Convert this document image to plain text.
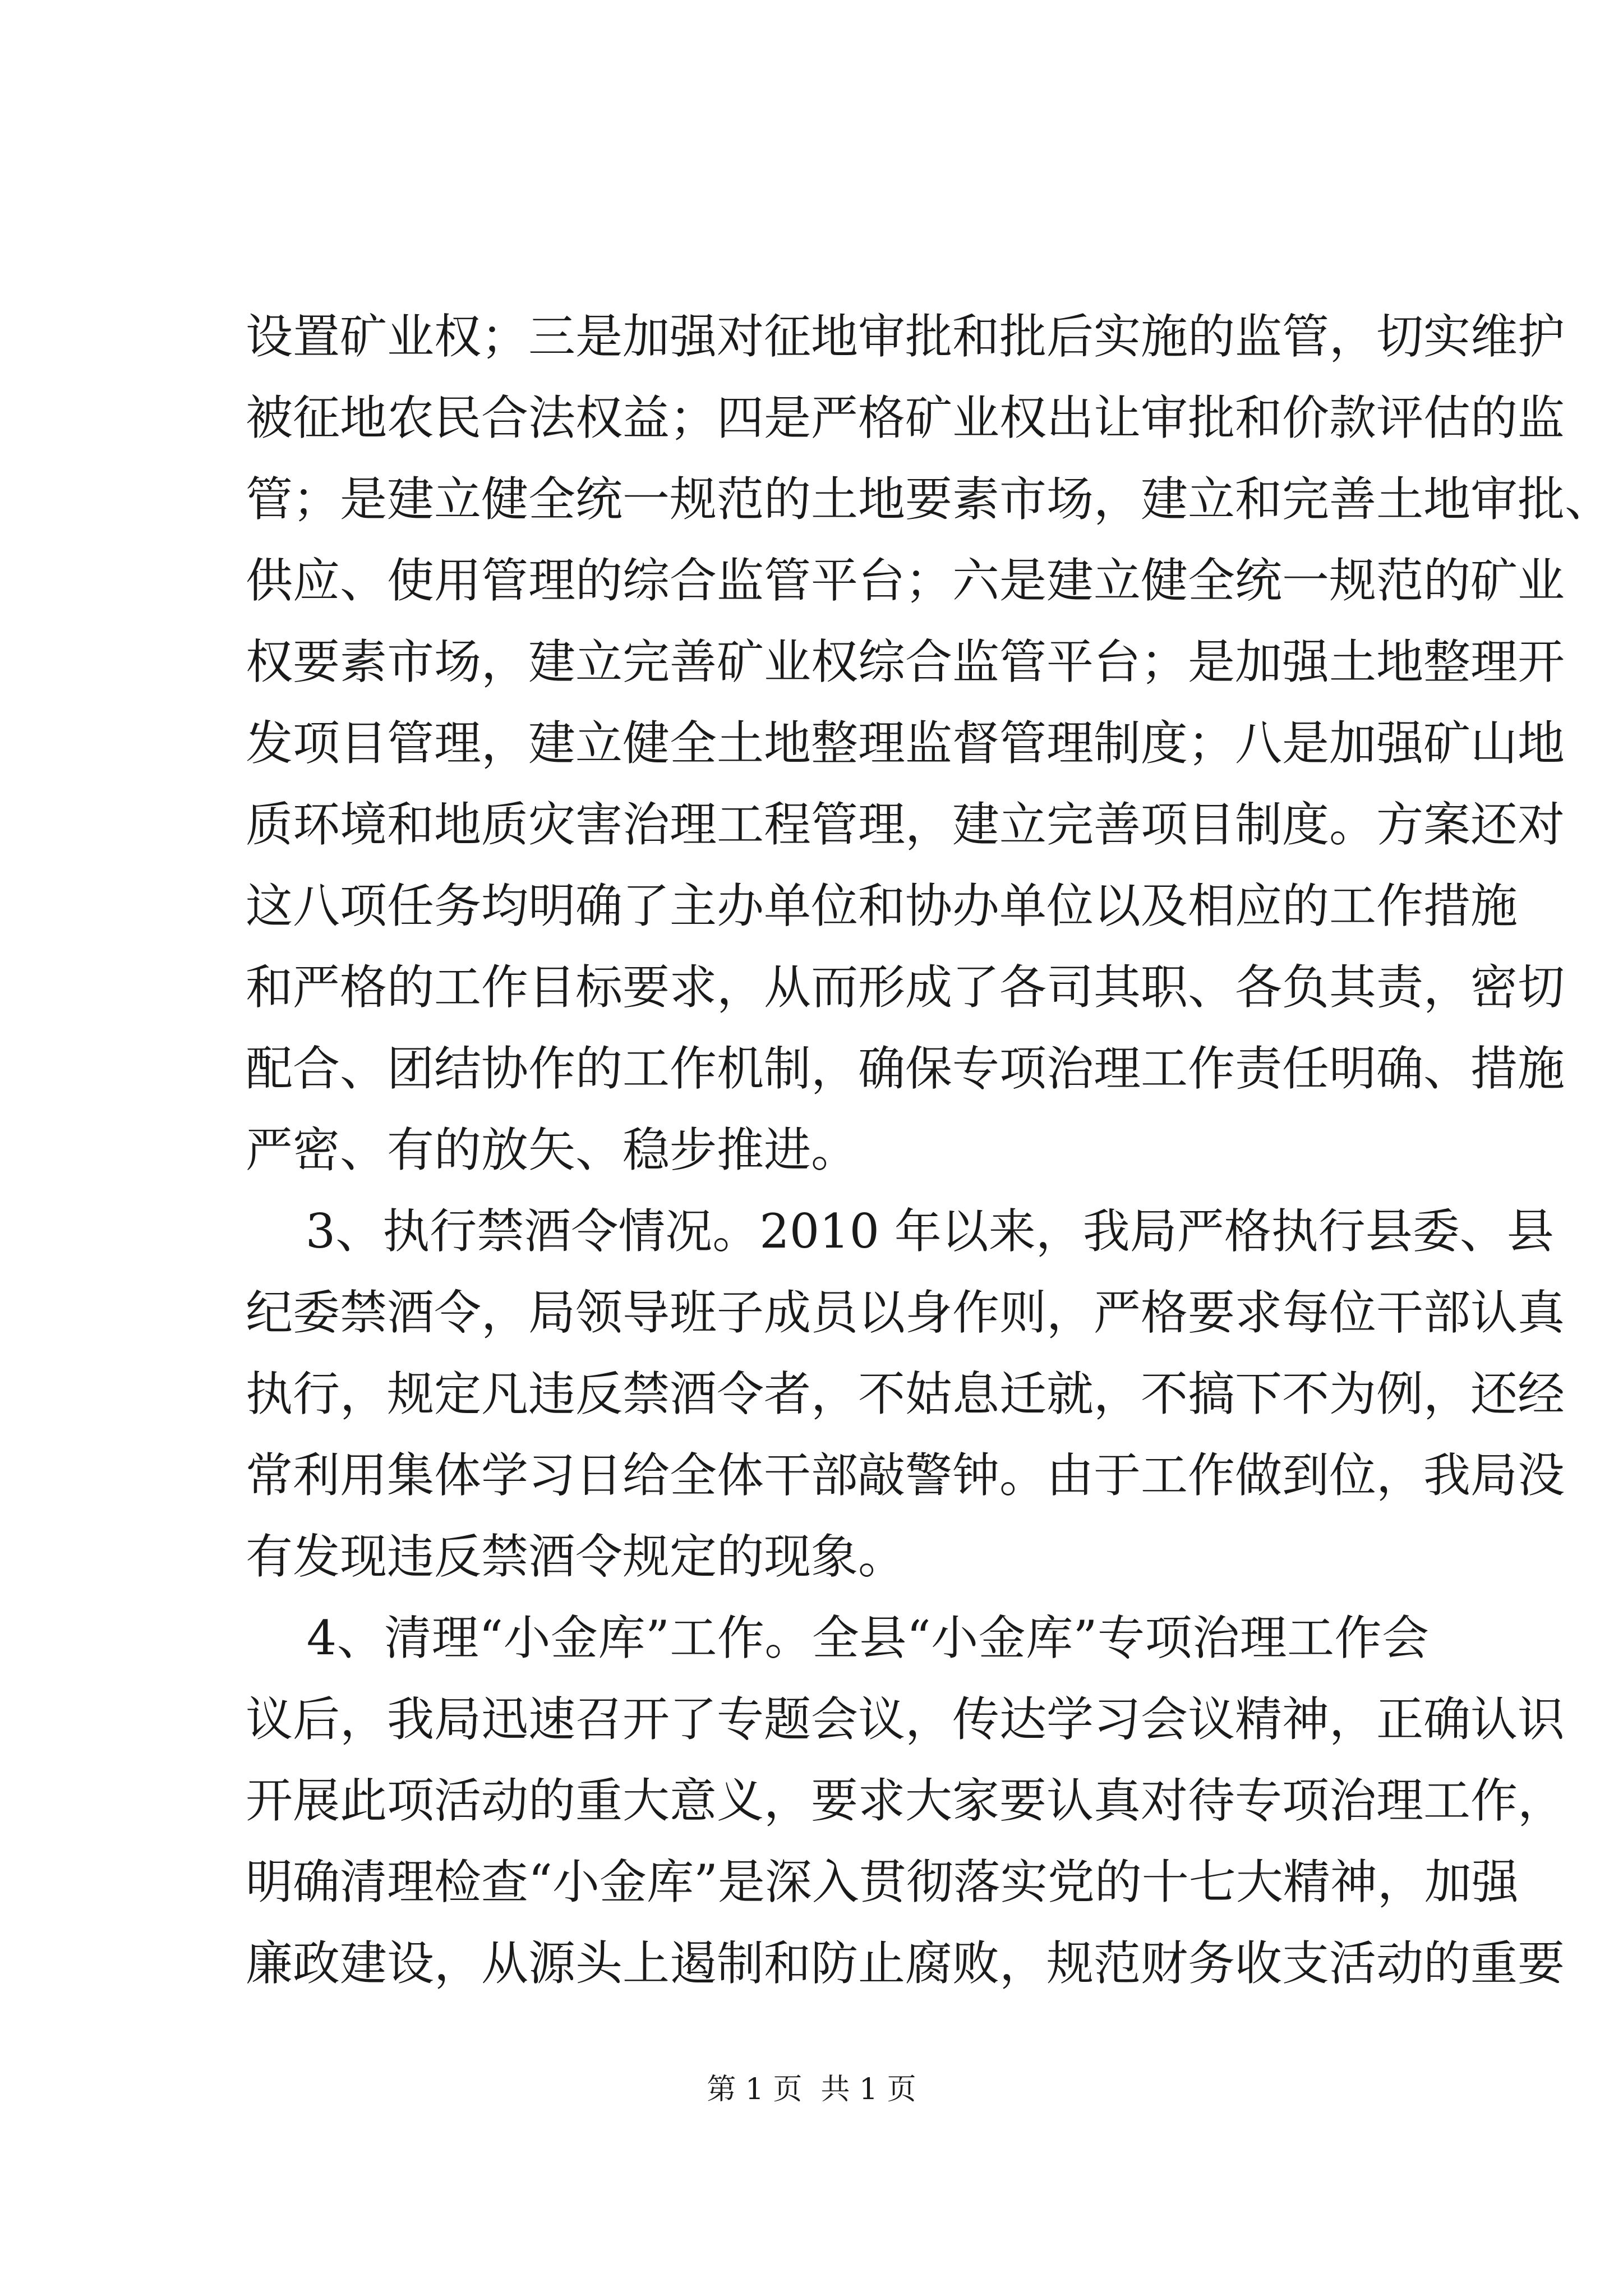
设置矿业权；三是加强对征地审批和批后实施的监管，切实维护
被征地农民合法权益；四是严格矿业权出让审批和价款评估的监
管；是建立健全统一规范的土地要素市场，建立和完善土地审批、
供应、使用管理的综合监管平台；六是建立健全统一规范的矿业
权要素市场，建立完善矿业权综合监管平台；是加强土地整理开
发项目管理，建立健全土地整理监督管理制度；八是加强矿山地
质环境和地质灾害治理工程管理，建立完善项目制度。方案还对
这八项任务均明确了主办单位和协办单位以及相应的工作措施
和严格的工作目标要求，从而形成了各司其职、各负其责，密切
配合、团结协作的工作机制，确保专项治理工作责任明确、措施
严密、有的放矢、稳步推进。
3、执行禁酒令情况。2010 年以来，我局严格执行县委、县
纪委禁酒令，局领导班子成员以身作则，严格要求每位干部认真
执行，规定凡违反禁酒令者，不姑息迁就，不搞下不为例，还经
常利用集体学习日给全体干部敲警钟。由于工作做到位，我局没
有发现违反禁酒令规定的现象。
4、清理“小金库”工作。全县“小金库”专项治理工作会
议后，我局迅速召开了专题会议，传达学习会议精神，正确认识
开展此项活动的重大意义，要求大家要认真对待专项治理工作，
明确清理检查“小金库”是深入贯彻落实党的十七大精神，加强
廉政建设，从源头上遏制和防止腐败，规范财务收支活动的重要
第 1 页  共 1 页
